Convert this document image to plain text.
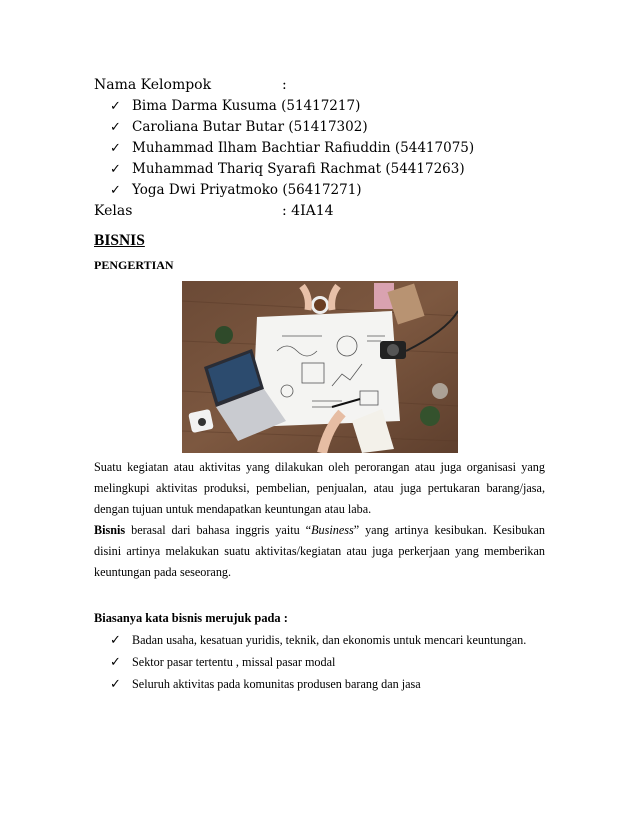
Nama Kelompok	:
✓ Bima Darma Kusuma (51417217)
✓ Caroliana Butar Butar (51417302)
✓ Muhammad Ilham Bachtiar Rafiuddin (54417075)
✓ Muhammad Thariq Syarafi Rachmat (54417263)
✓ Yoga Dwi Priyatmoko (56417271)
Kelas	: 4IA14
BISNIS
PENGERTIAN
Suatu kegiatan atau aktivitas yang dilakukan oleh perorangan atau juga organisasi yang
melingkupi aktivitas produksi, pembelian, penjualan, atau juga pertukaran barang/jasa,
dengan tujuan untuk mendapatkan keuntungan atau laba.
Bisnis berasal dari bahasa inggris yaitu “Business” yang artinya kesibukan. Kesibukan
disini artinya melakukan suatu aktivitas/kegiatan atau juga perkerjaan yang memberikan
keuntungan pada seseorang.
Biasanya kata bisnis merujuk pada :
✓ Badan usaha, kesatuan yuridis, teknik, dan ekonomis untuk mencari keuntungan.
✓ Sektor pasar tertentu , missal pasar modal
✓ Seluruh aktivitas pada komunitas produsen barang dan jasa
